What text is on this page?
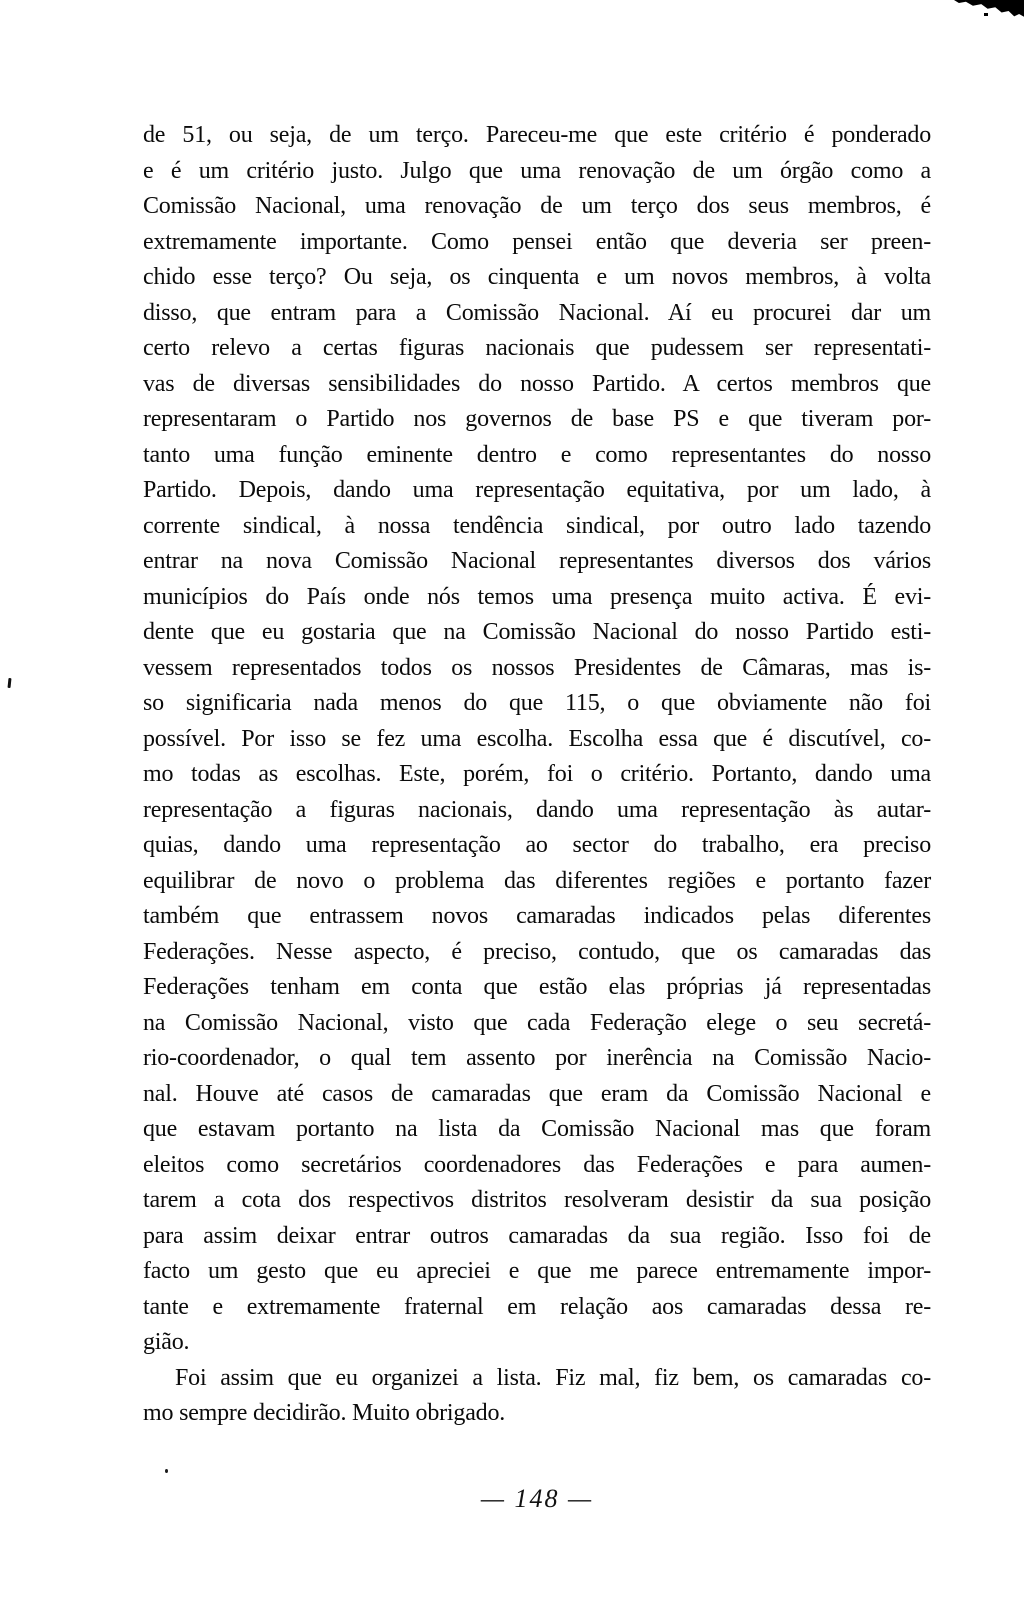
de 51, ou seja, de um terço. Pareceu-me que este critério é ponderado
e é um critério justo. Julgo que uma renovação de um órgão como a
Comissão Nacional, uma renovação de um terço dos seus membros, é
extremamente importante. Como pensei então que deveria ser preen-
chido esse terço? Ou seja, os cinquenta e um novos membros, à volta
disso, que entram para a Comissão Nacional. Aí eu procurei dar um
certo relevo a certas figuras nacionais que pudessem ser representati-
vas de diversas sensibilidades do nosso Partido. A certos membros que
representaram o Partido nos governos de base PS e que tiveram por-
tanto uma função eminente dentro e como representantes do nosso
Partido. Depois, dando uma representação equitativa, por um lado, à
corrente sindical, à nossa tendência sindical, por outro lado tazendo
entrar na nova Comissão Nacional representantes diversos dos vários
municípios do País onde nós temos uma presença muito activa. É evi-
dente que eu gostaria que na Comissão Nacional do nosso Partido esti-
vessem representados todos os nossos Presidentes de Câmaras, mas is-
so significaria nada menos do que 115, o que obviamente não foi
possível. Por isso se fez uma escolha. Escolha essa que é discutível, co-
mo todas as escolhas. Este, porém, foi o critério. Portanto, dando uma
representação a figuras nacionais, dando uma representação às autar-
quias, dando uma representação ao sector do trabalho, era preciso
equilibrar de novo o problema das diferentes regiões e portanto fazer
também que entrassem novos camaradas indicados pelas diferentes
Federações. Nesse aspecto, é preciso, contudo, que os camaradas das
Federações tenham em conta que estão elas próprias já representadas
na Comissão Nacional, visto que cada Federação elege o seu secretá-
rio-coordenador, o qual tem assento por inerência na Comissão Nacio-
nal. Houve até casos de camaradas que eram da Comissão Nacional e
que estavam portanto na lista da Comissão Nacional mas que foram
eleitos como secretários coordenadores das Federações e para aumen-
tarem a cota dos respectivos distritos resolveram desistir da sua posição
para assim deixar entrar outros camaradas da sua região. Isso foi de
facto um gesto que eu apreciei e que me parece entremamente impor-
tante e extremamente fraternal em relação aos camaradas dessa re-
gião.
Foi assim que eu organizei a lista. Fiz mal, fiz bem, os camaradas co-
mo sempre decidirão. Muito obrigado.
— 148 —
